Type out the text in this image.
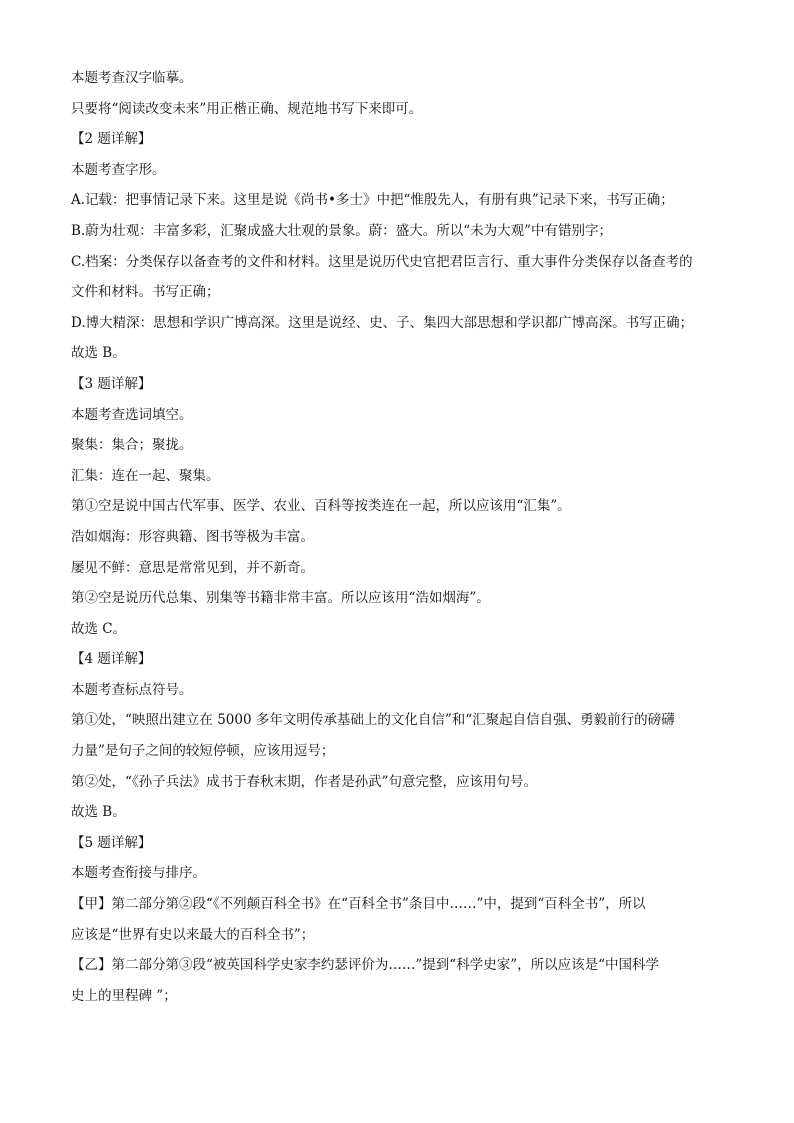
本题考查汉字临摹。
只要将“阅读改变未来”用正楷正确、规范地书写下来即可。
【2 题详解】
本题考查字形。
A.记载：把事情记录下来。这里是说《尚书•多士》中把“惟殷先人，有册有典”记录下来，书写正确；
B.蔚为壮观：丰富多彩，汇聚成盛大壮观的景象。蔚：盛大。所以“未为大观”中有错别字；
C.档案：分类保存以备查考的文件和材料。这里是说历代史官把君臣言行、重大事件分类保存以备查考的
文件和材料。书写正确；
D.博大精深：思想和学识广博高深。这里是说经、史、子、集四大部思想和学识都广博高深。书写正确；
故选 B。
【3 题详解】
本题考查选词填空。
聚集：集合；聚拢。
汇集：连在一起、聚集。
第①空是说中国古代军事、医学、农业、百科等按类连在一起，所以应该用“汇集”。
浩如烟海：形容典籍、图书等极为丰富。
屡见不鲜：意思是常常见到，并不新奇。
第②空是说历代总集、别集等书籍非常丰富。所以应该用“浩如烟海”。
故选 C。
【4 题详解】
本题考查标点符号。
第①处，“映照出建立在 5000 多年文明传承基础上的文化自信”和“汇聚起自信自强、勇毅前行的磅礴
力量”是句子之间的较短停顿，应该用逗号；
第②处，“《孙子兵法》成书于春秋末期，作者是孙武”句意完整，应该用句号。
故选 B。
【5 题详解】
本题考查衔接与排序。
【甲】第二部分第②段“《不列颠百科全书》在“百科全书”条目中……”中，提到“百科全书”，所以
应该是“世界有史以来最大的百科全书”；
【乙】第二部分第③段“被英国科学史家李约瑟评价为……”提到“科学史家”，所以应该是“中国科学
史上的里程碑 ”；
